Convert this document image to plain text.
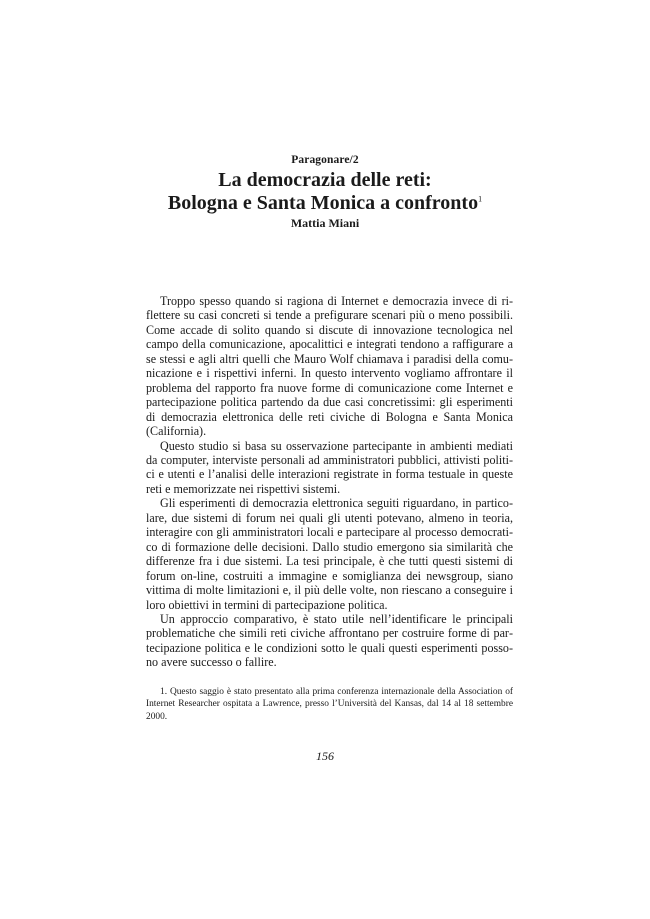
Paragonare/2
La democrazia delle reti:
Bologna e Santa Monica a confronto$^1$
Mattia Miani

Troppo spesso quando si ragiona di Internet e democrazia invece di riflettere su casi concreti si tende a prefigurare scenari più o meno possibili. Come accade di solito quando si discute di innovazione tecnologica nel campo della comunicazione, apocalittici e integrati tendono a raffigurare a se stessi e agli altri quelli che Mauro Wolf chiamava i paradisi della comunicazione e i rispettivi inferni. In questo intervento vogliamo affrontare il problema del rapporto fra nuove forme di comunicazione come Internet e partecipazione politica partendo da due casi concretissimi: gli esperimenti di democrazia elettronica delle reti civiche di Bologna e Santa Monica (California).

Questo studio si basa su osservazione partecipante in ambienti mediati da computer, interviste personali ad amministratori pubblici, attivisti politici e utenti e l’analisi delle interazioni registrate in forma testuale in queste reti e memorizzate nei rispettivi sistemi.

Gli esperimenti di democrazia elettronica seguiti riguardano, in particolare, due sistemi di forum nei quali gli utenti potevano, almeno in teoria, interagire con gli amministratori locali e partecipare al processo democratico di formazione delle decisioni. Dallo studio emergono sia similarità che differenze fra i due sistemi. La tesi principale, è che tutti questi sistemi di forum on-line, costruiti a immagine e somiglianza dei newsgroup, siano vittima di molte limitazioni e, il più delle volte, non riescano a conseguire i loro obiettivi in termini di partecipazione politica.

Un approccio comparativo, è stato utile nell’identificare le principali problematiche che simili reti civiche affrontano per costruire forme di partecipazione politica e le condizioni sotto le quali questi esperimenti possono avere successo o fallire.

1. Questo saggio è stato presentato alla prima conferenza internazionale della Association of Internet Researcher ospitata a Lawrence, presso l’Università del Kansas, dal 14 al 18 settembre 2000.

156
